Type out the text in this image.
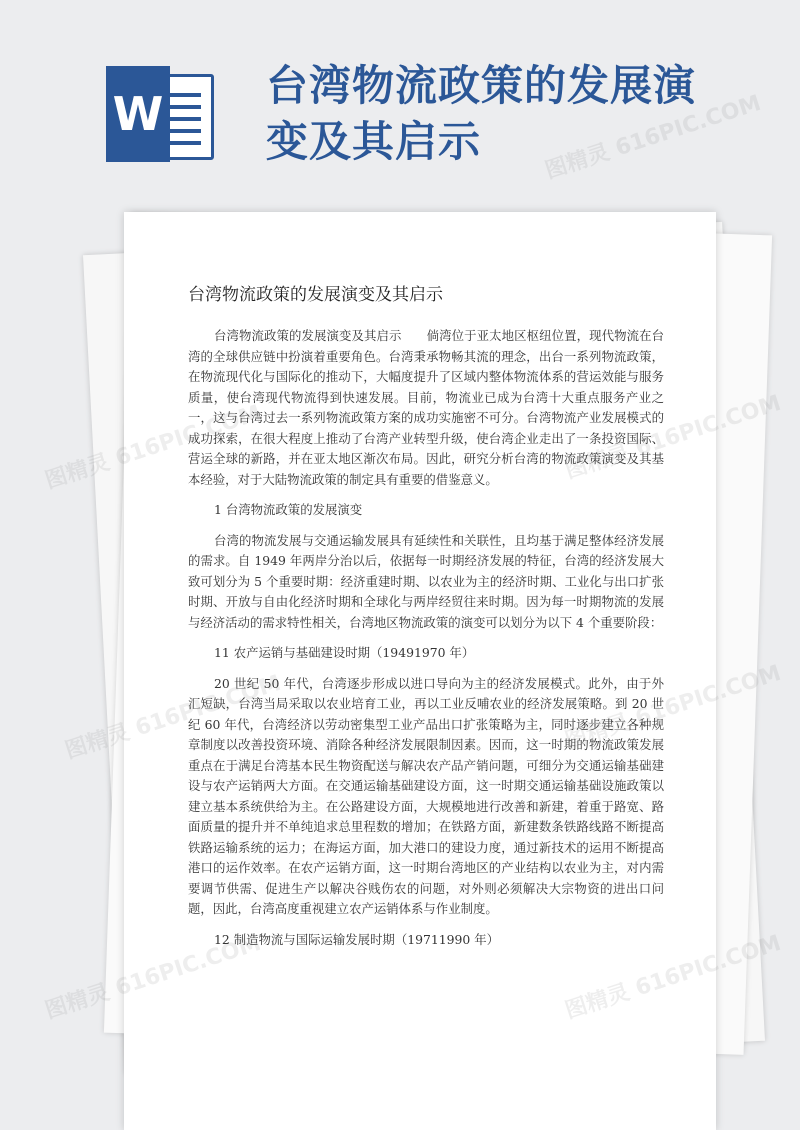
W
台湾物流政策的发展演变及其启示
台湾物流政策的发展演变及其启示

台湾物流政策的发展演变及其启示　　倘湾位于亚太地区枢纽位置，现代物流在台湾的全球供应链中扮演着重要角色。台湾秉承物畅其流的理念，出台一系列物流政策，在物流现代化与国际化的推动下，大幅度提升了区域内整体物流体系的营运效能与服务质量，使台湾现代物流得到快速发展。目前，物流业已成为台湾十大重点服务产业之一，这与台湾过去一系列物流政策方案的成功实施密不可分。台湾物流产业发展模式的成功探索，在很大程度上推动了台湾产业转型升级，使台湾企业走出了一条投资国际、营运全球的新路，并在亚太地区渐次布局。因此，研究分析台湾的物流政策演变及其基本经验，对于大陆物流政策的制定具有重要的借鉴意义。

1 台湾物流政策的发展演变

台湾的物流发展与交通运输发展具有延续性和关联性，且均基于满足整体经济发展的需求。自 1949 年两岸分治以后，依据每一时期经济发展的特征，台湾的经济发展大致可划分为 5 个重要时期：经济重建时期、以农业为主的经济时期、工业化与出口扩张时期、开放与自由化经济时期和全球化与两岸经贸往来时期。因为每一时期物流的发展与经济活动的需求特性相关，台湾地区物流政策的演变可以划分为以下 4 个重要阶段：

11 农产运销与基础建设时期（19491970 年）

20 世纪 50 年代，台湾逐步形成以进口导向为主的经济发展模式。此外，由于外汇短缺，台湾当局采取以农业培育工业，再以工业反哺农业的经济发展策略。到 20 世纪 60 年代，台湾经济以劳动密集型工业产品出口扩张策略为主，同时逐步建立各种规章制度以改善投资环境、消除各种经济发展限制因素。因而，这一时期的物流政策发展重点在于满足台湾基本民生物资配送与解决农产品产销问题，可细分为交通运输基础建设与农产运销两大方面。在交通运输基础建设方面，这一时期交通运输基础设施政策以建立基本系统供给为主。在公路建设方面，大规模地进行改善和新建，着重于路宽、路面质量的提升并不单纯追求总里程数的增加；在铁路方面，新建数条铁路线路不断提高铁路运输系统的运力；在海运方面，加大港口的建设力度，通过新技术的运用不断提高港口的运作效率。在农产运销方面，这一时期台湾地区的产业结构以农业为主，对内需要调节供需、促进生产以解决谷贱伤农的问题，对外则必须解决大宗物资的进出口问题，因此，台湾高度重视建立农产运销体系与作业制度。

12 制造物流与国际运输发展时期（19711990 年）

图精灵 616PIC.COM
图精灵
图精灵
图精灵
